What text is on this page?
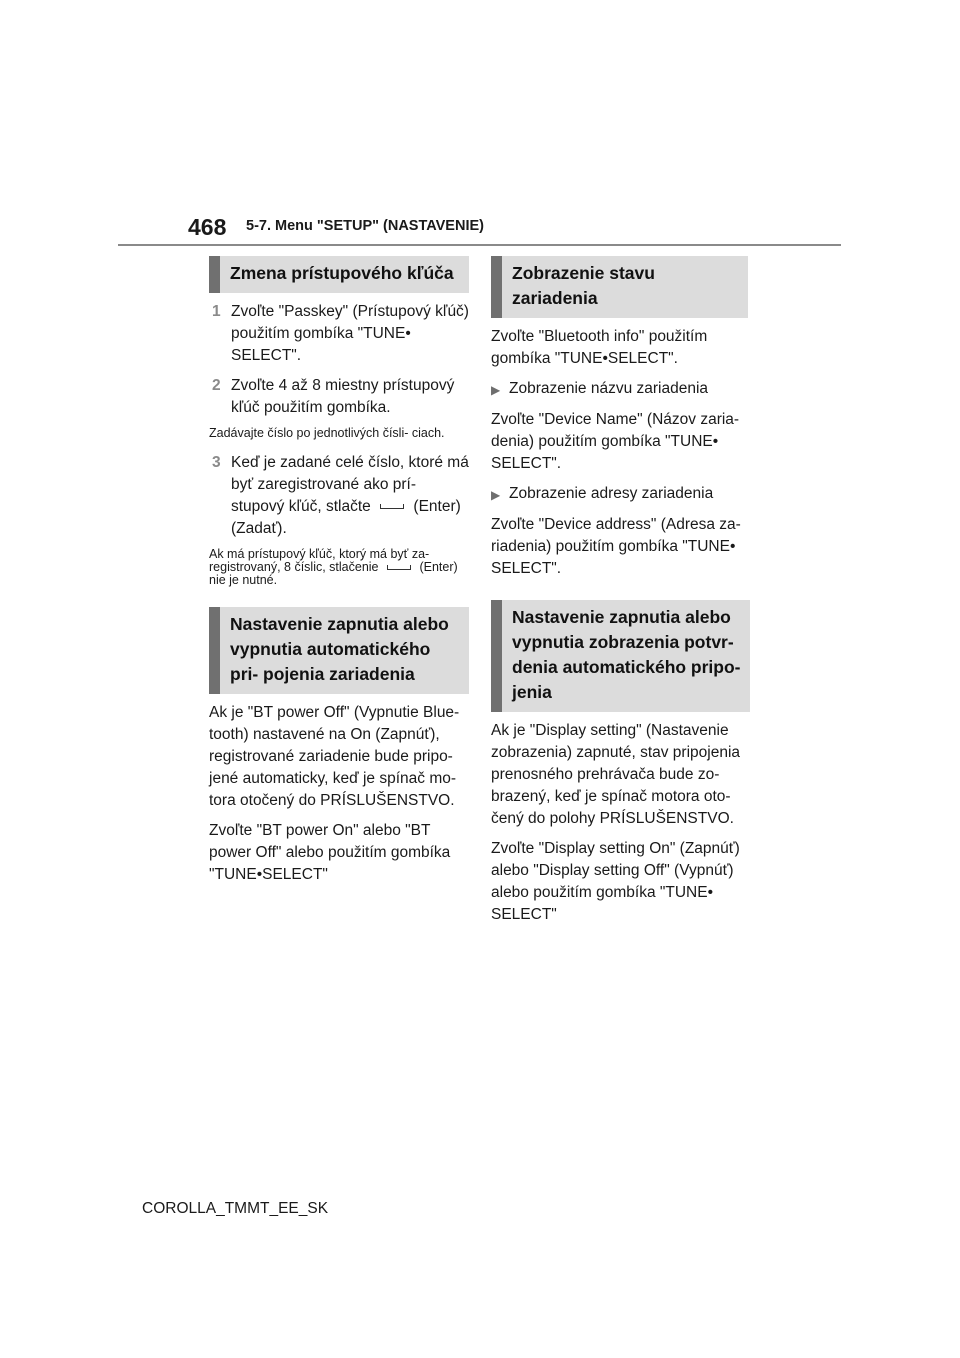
468 5-7. Menu "SETUP" (NASTAVENIE)
Zmena prístupového kľúča
1 Zvoľte "Passkey" (Prístupový kľúč) použitím gombíka "TUNE• SELECT".
2 Zvoľte 4 až 8 miestny prístupový kľúč použitím gombíka.
Zadávajte číslo po jednotlivých čísli- ciach.
3 Keď je zadané celé číslo, ktoré má byť zaregistrované ako prí- stupový kľúč, stlačte	(Enter) (Zadať).
Ak má prístupový kľúč, ktorý má byť za- registrovaný, 8 číslic, stlačenie	(Enter) nie je nutné.
Nastavenie zapnutia alebo vypnutia automatického pri- pojenia zariadenia

Ak je "BT power Off" (Vypnutie Blue- tooth) nastavené na On (Zapnúť), registrované zariadenie bude pripo- jené automaticky, keď je spínač mo- tora otočený do PRÍSLUŠENSTVO.

Zvoľte "BT power On" alebo "BT power Off" alebo použitím gombíka "TUNE•SELECT"

Zobrazenie stavu zariadenia

Zvoľte "Bluetooth info" použitím gombíka "TUNE•SELECT".

▶ Zobrazenie názvu zariadenia

Zvoľte "Device Name" (Názov zaria- denia) použitím gombíka "TUNE• SELECT".

▶ Zobrazenie adresy zariadenia

Zvoľte "Device address" (Adresa za- riadenia) použitím gombíka "TUNE• SELECT".

Nastavenie zapnutia alebo vypnutia zobrazenia potvr- denia automatického pripo- jenia

Ak je "Display setting" (Nastavenie zobrazenia) zapnuté, stav pripojenia prenosného prehrávača bude zo- brazený, keď je spínač motora oto- čený do polohy PRÍSLUŠENSTVO.

Zvoľte "Display setting On" (Zapnúť) alebo "Display setting Off" (Vypnúť) alebo použitím gombíka "TUNE• SELECT"

COROLLA_TMMT_EE_SK
